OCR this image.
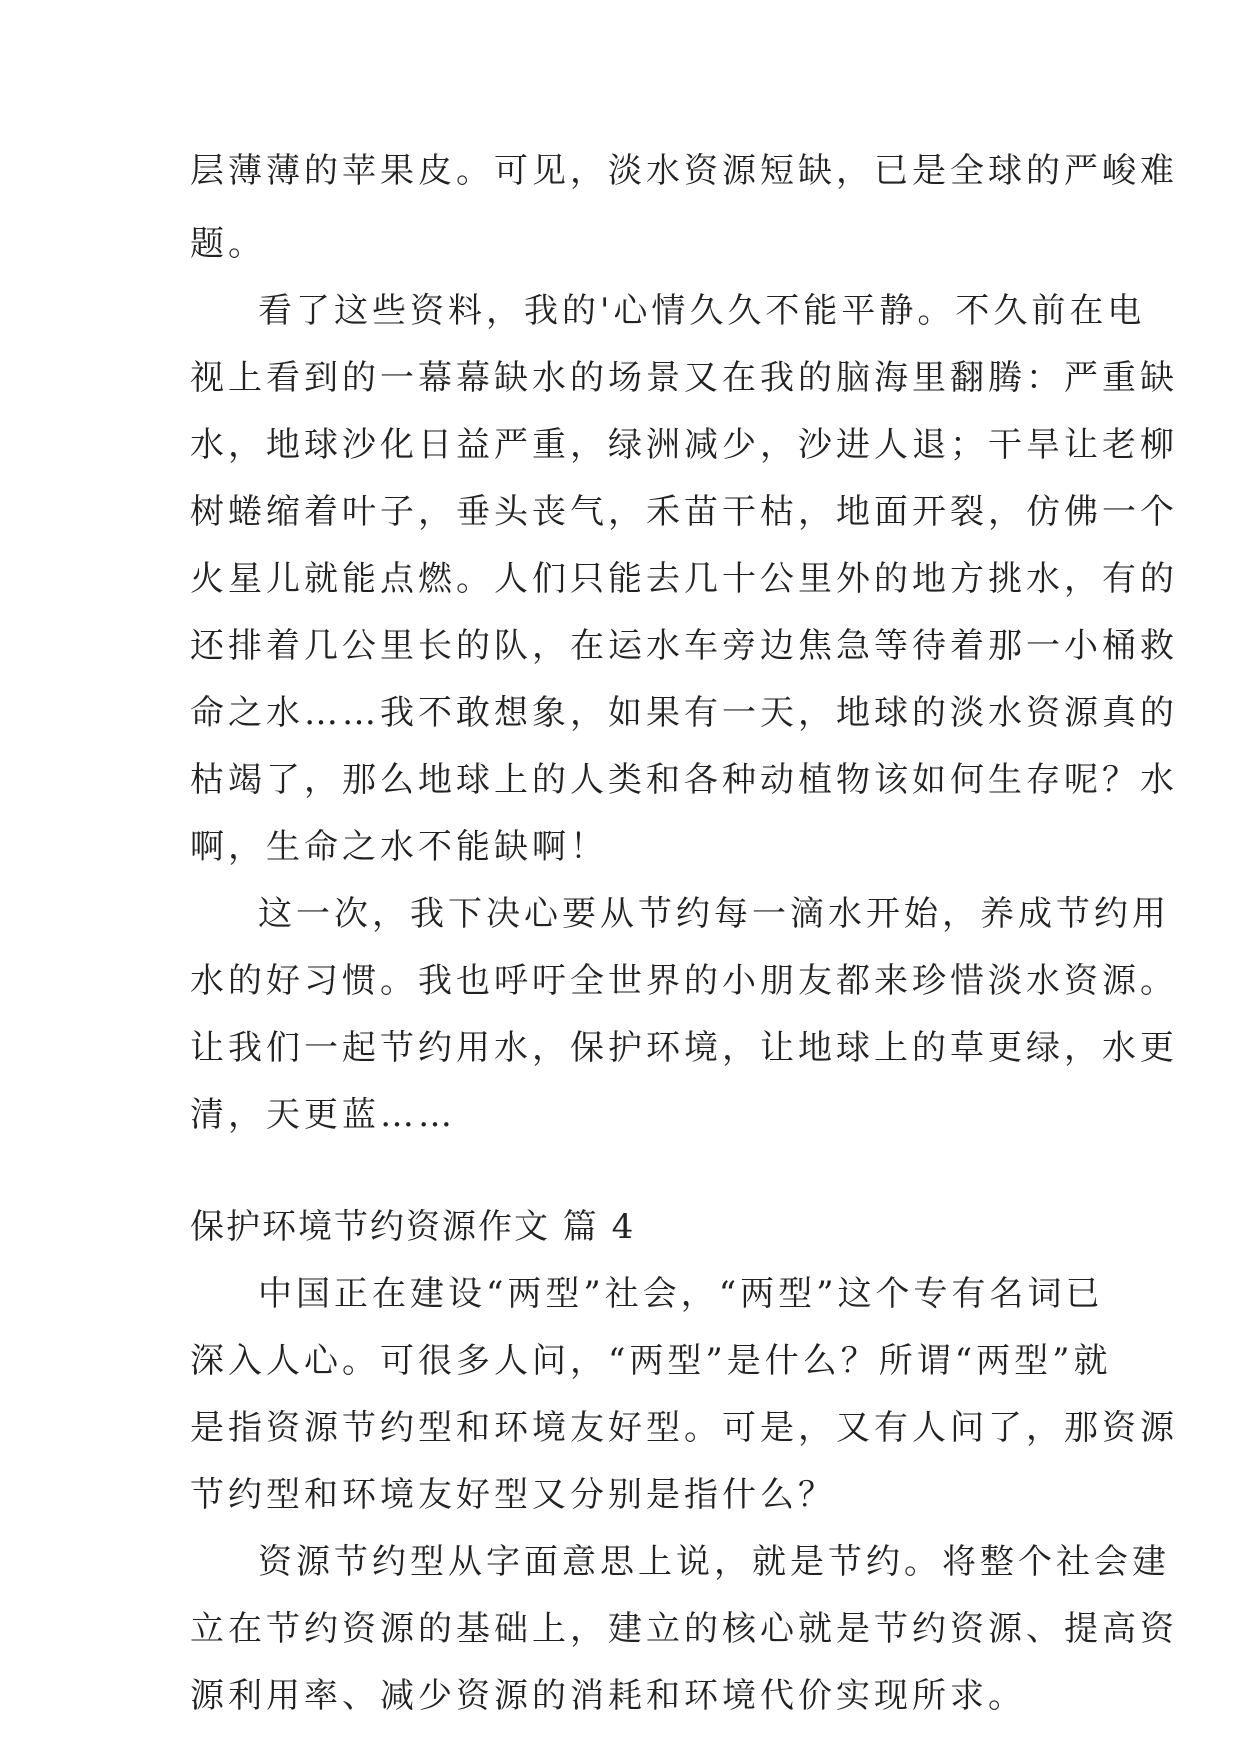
层薄薄的苹果皮。可见，淡水资源短缺，已是全球的严峻难
题。
看了这些资料，我的'心情久久不能平静。不久前在电
视上看到的一幕幕缺水的场景又在我的脑海里翻腾：严重缺
水，地球沙化日益严重，绿洲减少，沙进人退；干旱让老柳
树蜷缩着叶子，垂头丧气，禾苗干枯，地面开裂，仿佛一个
火星儿就能点燃。人们只能去几十公里外的地方挑水，有的
还排着几公里长的队，在运水车旁边焦急等待着那一小桶救
命之水……我不敢想象，如果有一天，地球的淡水资源真的
枯竭了，那么地球上的人类和各种动植物该如何生存呢？水
啊，生命之水不能缺啊！
这一次，我下决心要从节约每一滴水开始，养成节约用
水的好习惯。我也呼吁全世界的小朋友都来珍惜淡水资源。
让我们一起节约用水，保护环境，让地球上的草更绿，水更
清，天更蓝……
保护环境节约资源作文 篇 4
中国正在建设“两型”社会，“两型”这个专有名词已
深入人心。可很多人问，“两型”是什么？所谓“两型”就
是指资源节约型和环境友好型。可是，又有人问了，那资源
节约型和环境友好型又分别是指什么？
资源节约型从字面意思上说，就是节约。将整个社会建
立在节约资源的基础上，建立的核心就是节约资源、提高资
源利用率、减少资源的消耗和环境代价实现所求。
